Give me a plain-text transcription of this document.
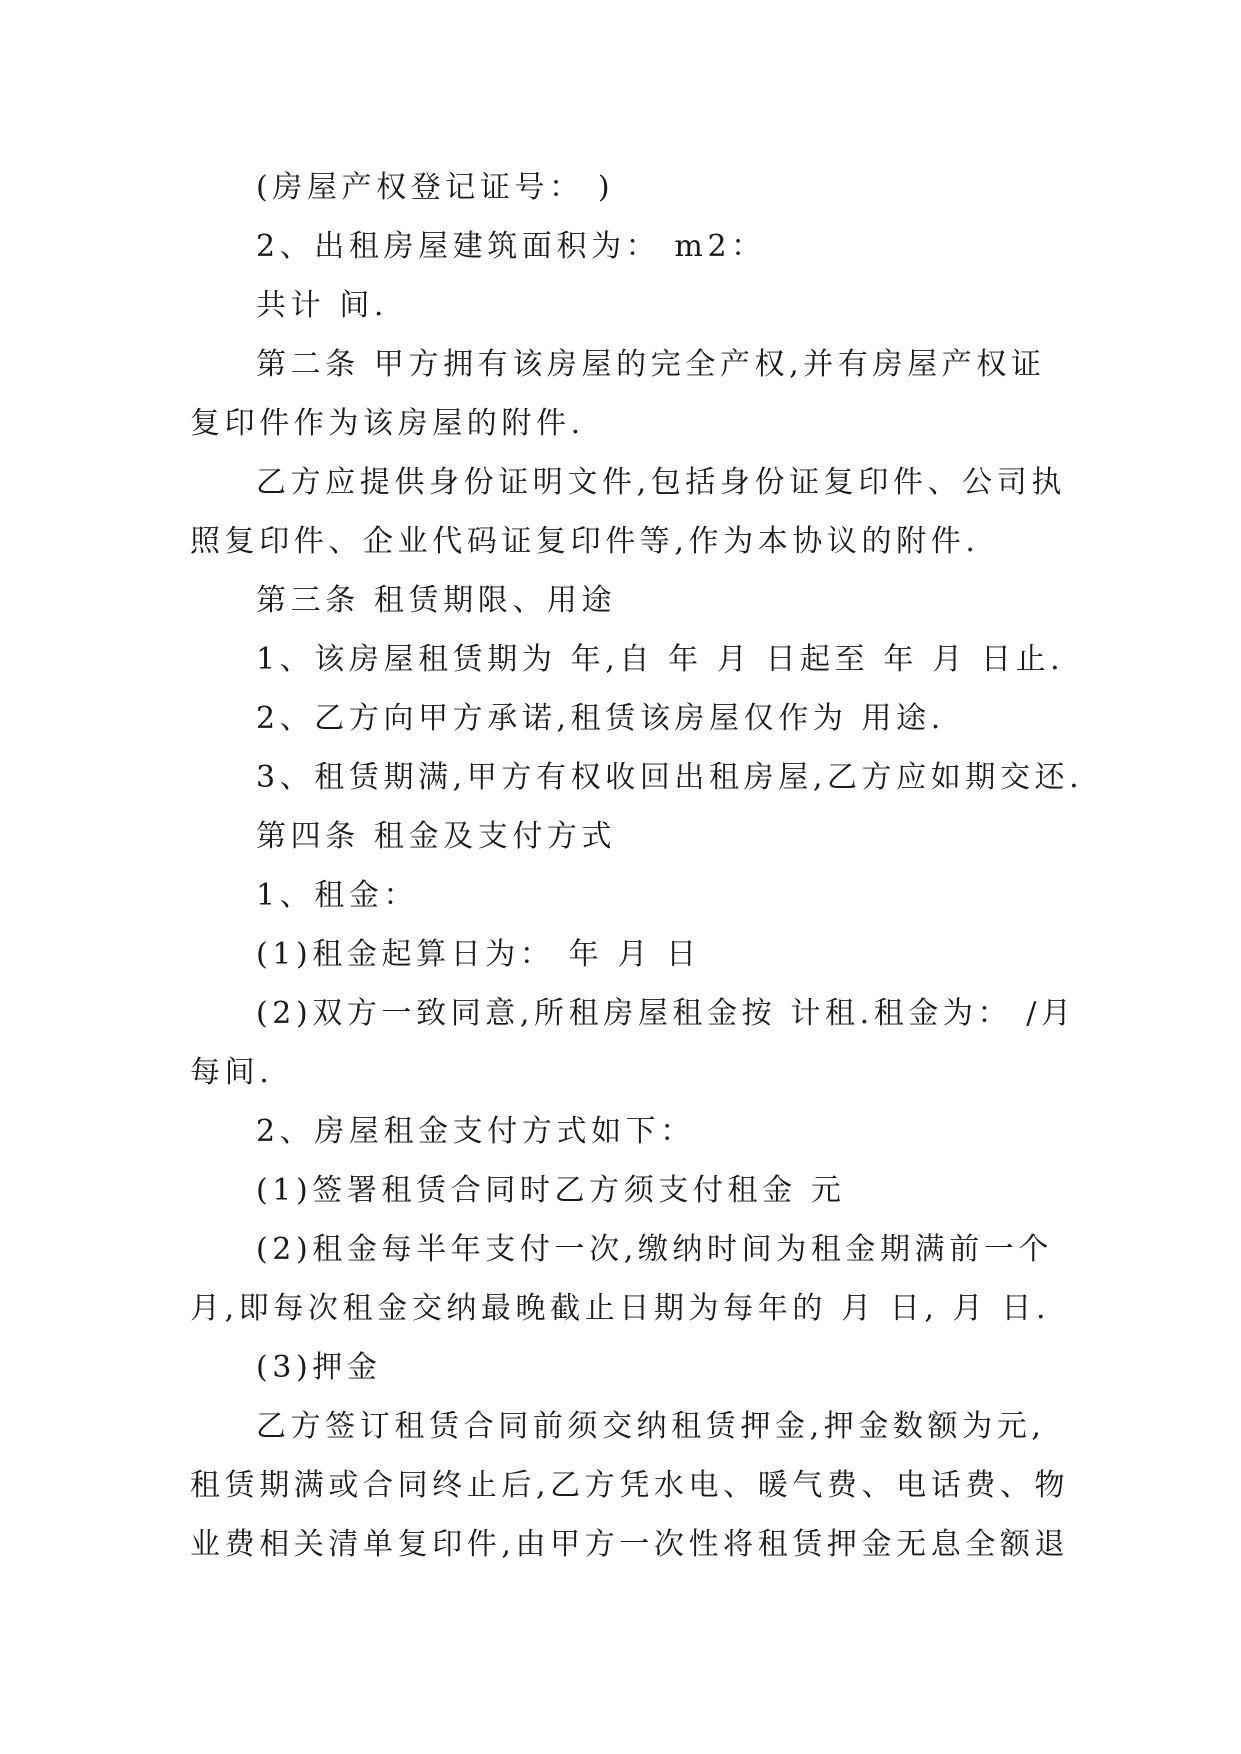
(房屋产权登记证号： )
2、出租房屋建筑面积为： m2：
共计 间.
第二条 甲方拥有该房屋的完全产权,并有房屋产权证
复印件作为该房屋的附件.
乙方应提供身份证明文件,包括身份证复印件、公司执
照复印件、企业代码证复印件等,作为本协议的附件.
第三条 租赁期限、用途
1、该房屋租赁期为 年,自 年 月 日起至 年 月 日止.
2、乙方向甲方承诺,租赁该房屋仅作为 用途.
3、租赁期满,甲方有权收回出租房屋,乙方应如期交还.
第四条 租金及支付方式
1、租金：
(1)租金起算日为： 年 月 日
(2)双方一致同意,所租房屋租金按 计租.租金为： /月
每间.
2、房屋租金支付方式如下：
(1)签署租赁合同时乙方须支付租金 元
(2)租金每半年支付一次,缴纳时间为租金期满前一个
月,即每次租金交纳最晚截止日期为每年的 月 日, 月 日.
(3)押金
乙方签订租赁合同前须交纳租赁押金,押金数额为元,
租赁期满或合同终止后,乙方凭水电、暖气费、电话费、物
业费相关清单复印件,由甲方一次性将租赁押金无息全额退
